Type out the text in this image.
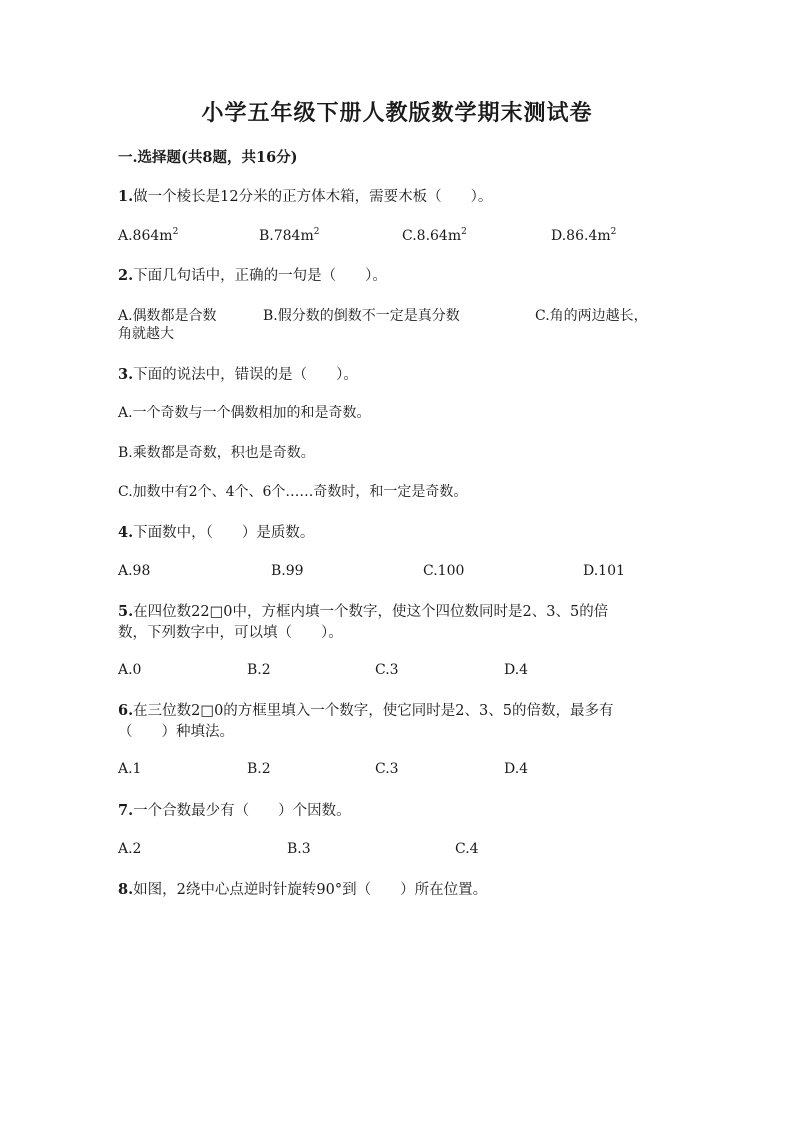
小学五年级下册人教版数学期末测试卷
一.选择题(共8题，共16分)
1.做一个棱长是12分米的正方体木箱，需要木板（　　）。
$A.864m^2$	$B.784m^2$	$C.8.64m^2$	$D.86.4m^2$
2.下面几句话中，正确的一句是（　　）。
A.偶数都是合数	B.假分数的倒数不一定是真分数	C.角的两边越长，
角就越大
3.下面的说法中，错误的是（　　）。
A.一个奇数与一个偶数相加的和是奇数。
B.乘数都是奇数，积也是奇数。
C.加数中有2个、4个、6个……奇数时，和一定是奇数。
4.下面数中，（　　）是质数。
A.98	B.99	C.100	D.101
5.在四位数22□0中，方框内填一个数字，使这个四位数同时是2、3、5的倍
数，下列数字中，可以填（　　）。
A.0	B.2	C.3	D.4
6.在三位数2□0的方框里填入一个数字，使它同时是2、3、5的倍数，最多有
（　　）种填法。
A.1	B.2	C.3	D.4
7.一个合数最少有（　　）个因数。
A.2	B.3	C.4
8.如图，2绕中心点逆时针旋转90°到（　　）所在位置。
